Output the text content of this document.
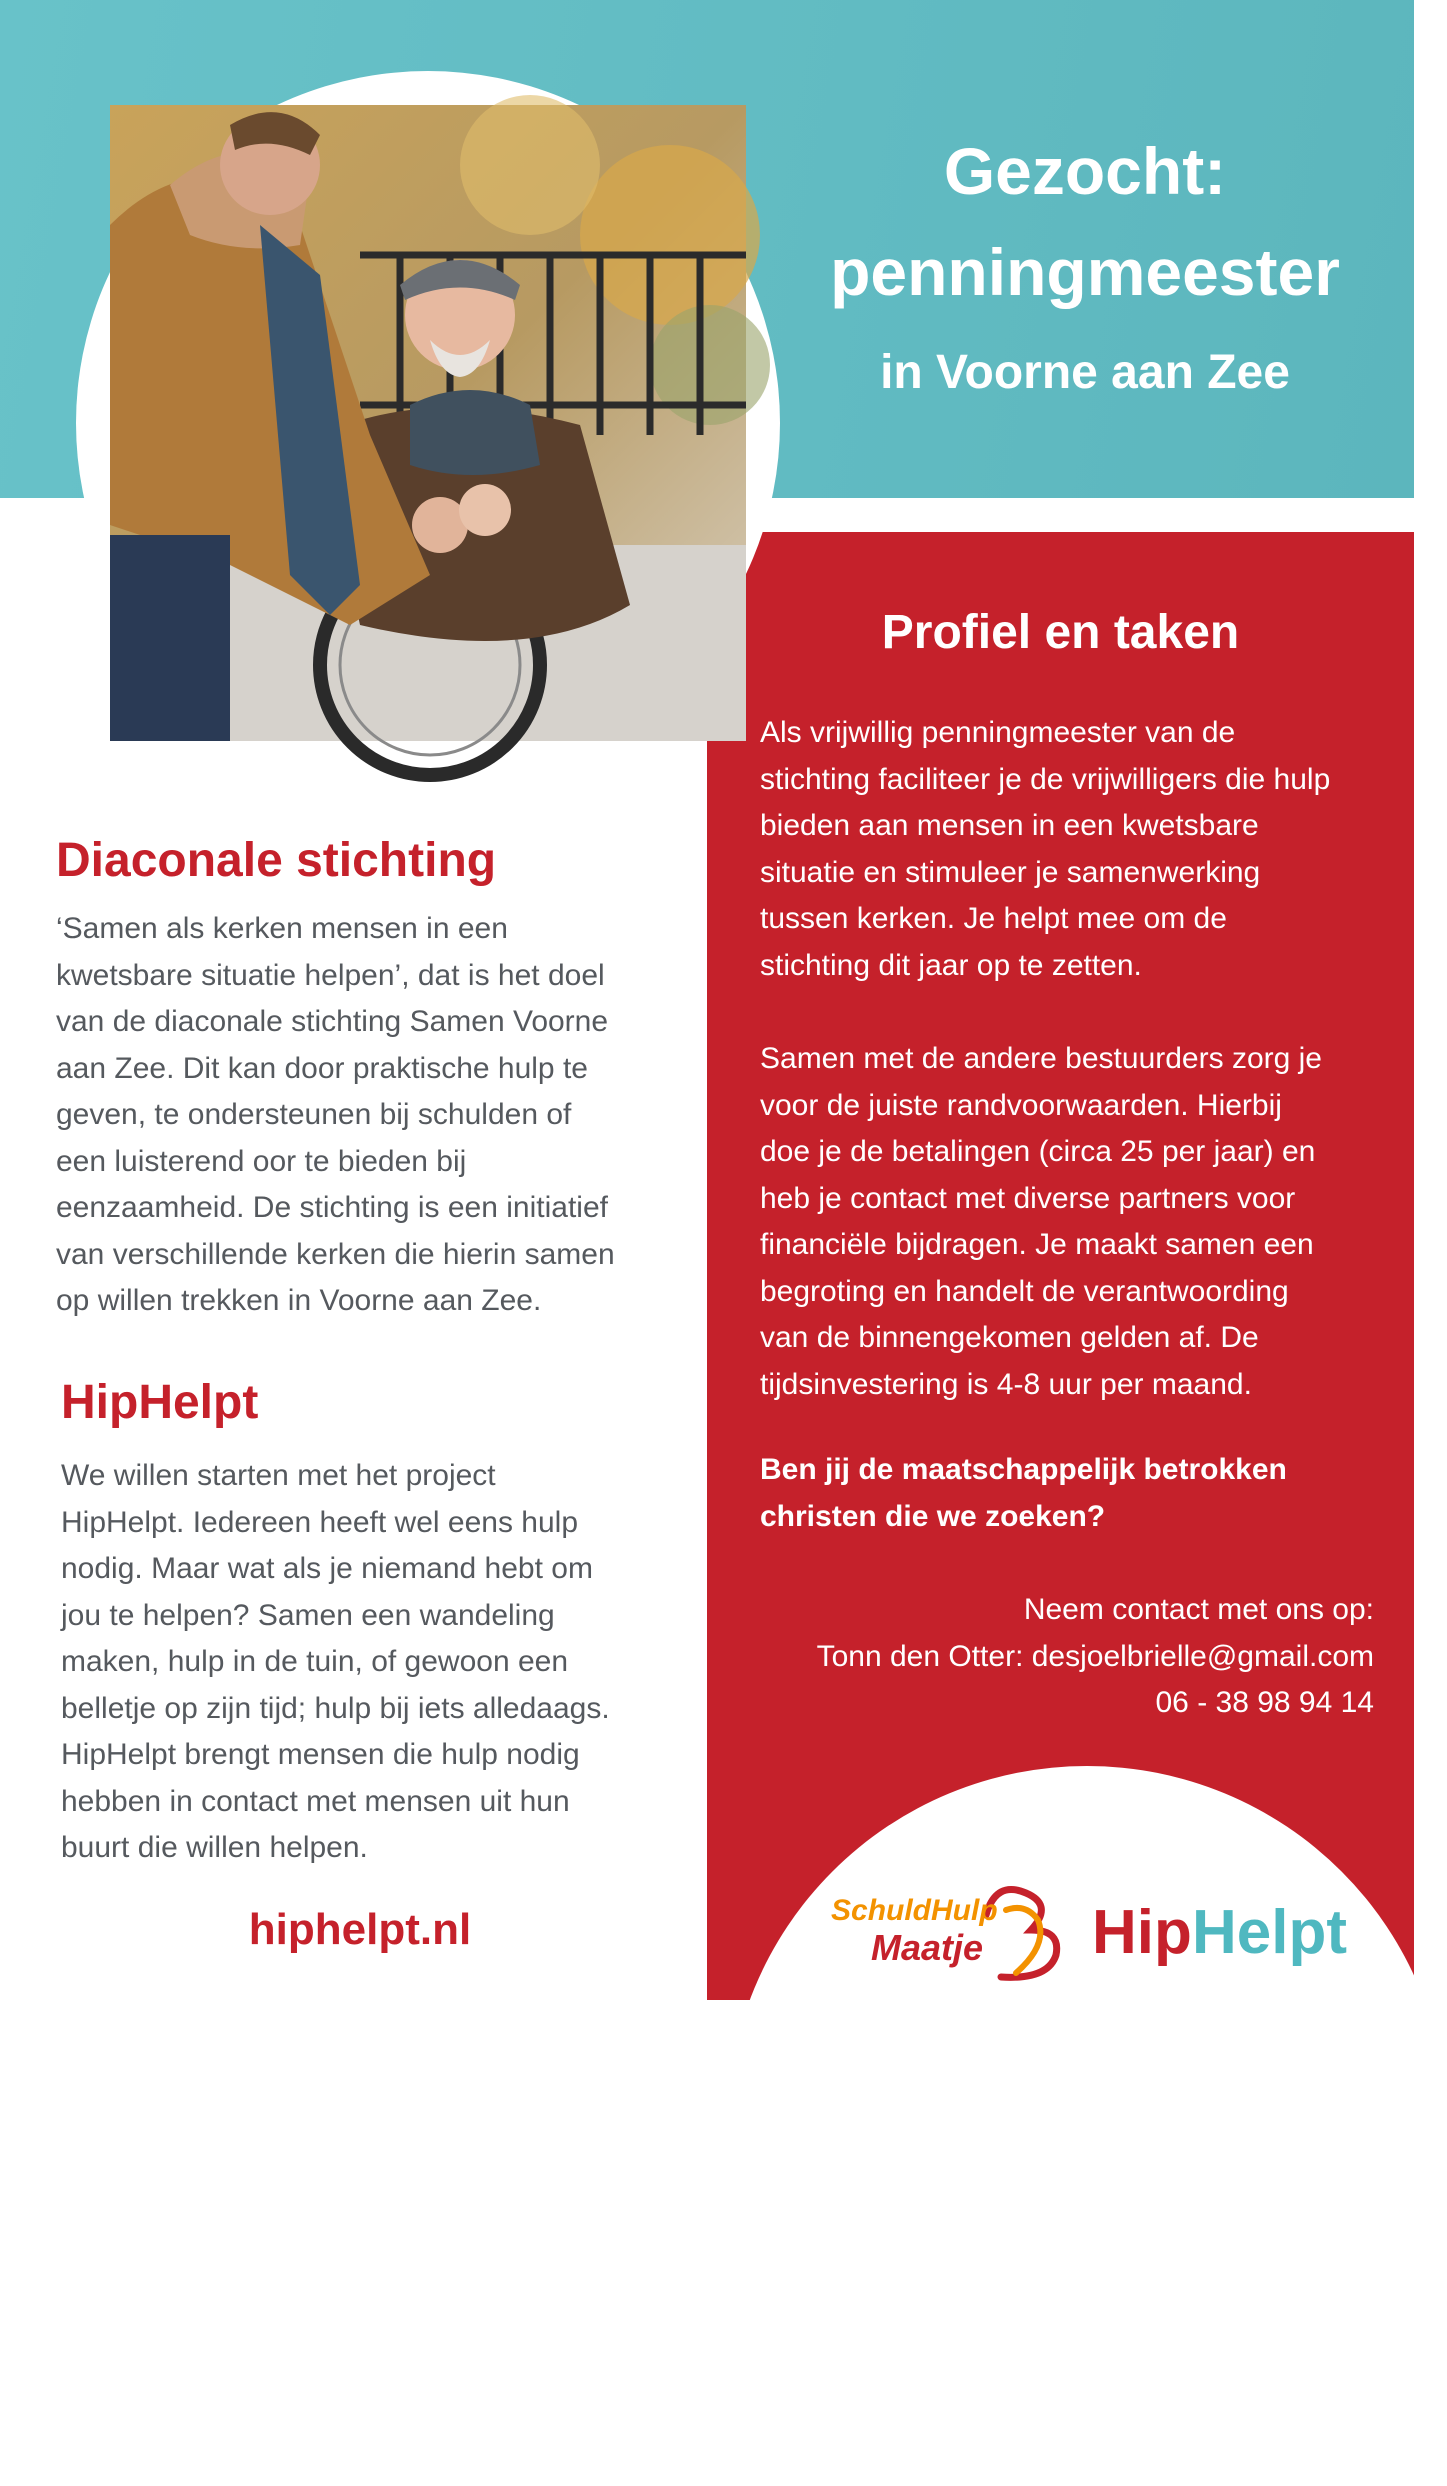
Gezocht:
penningmeester
in Voorne aan Zee
Profiel en taken
Als vrijwillig penningmeester van de
stichting faciliteer je de vrijwilligers die hulp
bieden aan mensen in een kwetsbare
situatie en stimuleer je samenwerking
tussen kerken. Je helpt mee om de
stichting dit jaar op te zetten.
Samen met de andere bestuurders zorg je
voor de juiste randvoorwaarden. Hierbij
doe je de betalingen (circa 25 per jaar) en
heb je contact met diverse partners voor
financiële bijdragen. Je maakt samen een
begroting en handelt de verantwoording
van de binnengekomen gelden af. De
tijdsinvestering is 4-8 uur per maand.
Ben jij de maatschappelijk betrokken
christen die we zoeken?
Neem contact met ons op:
Tonn den Otter: desjoelbrielle@gmail.com
06 - 38 98 94 14
Diaconale stichting
‘Samen als kerken mensen in een
kwetsbare situatie helpen’, dat is het doel
van de diaconale stichting Samen Voorne
aan Zee. Dit kan door praktische hulp te
geven, te ondersteunen bij schulden of
een luisterend oor te bieden bij
eenzaamheid. De stichting is een initiatief
van verschillende kerken die hierin samen
op willen trekken in Voorne aan Zee.
HipHelpt
We willen starten met het project
HipHelpt. Iedereen heeft wel eens hulp
nodig. Maar wat als je niemand hebt om
jou te helpen? Samen een wandeling
maken, hulp in de tuin, of gewoon een
belletje op zijn tijd; hulp bij iets alledaags.
HipHelpt brengt mensen die hulp nodig
hebben in contact met mensen uit hun
buurt die willen helpen.
hiphelpt.nl	SchuldHulp
Maatje Hip Helpt
